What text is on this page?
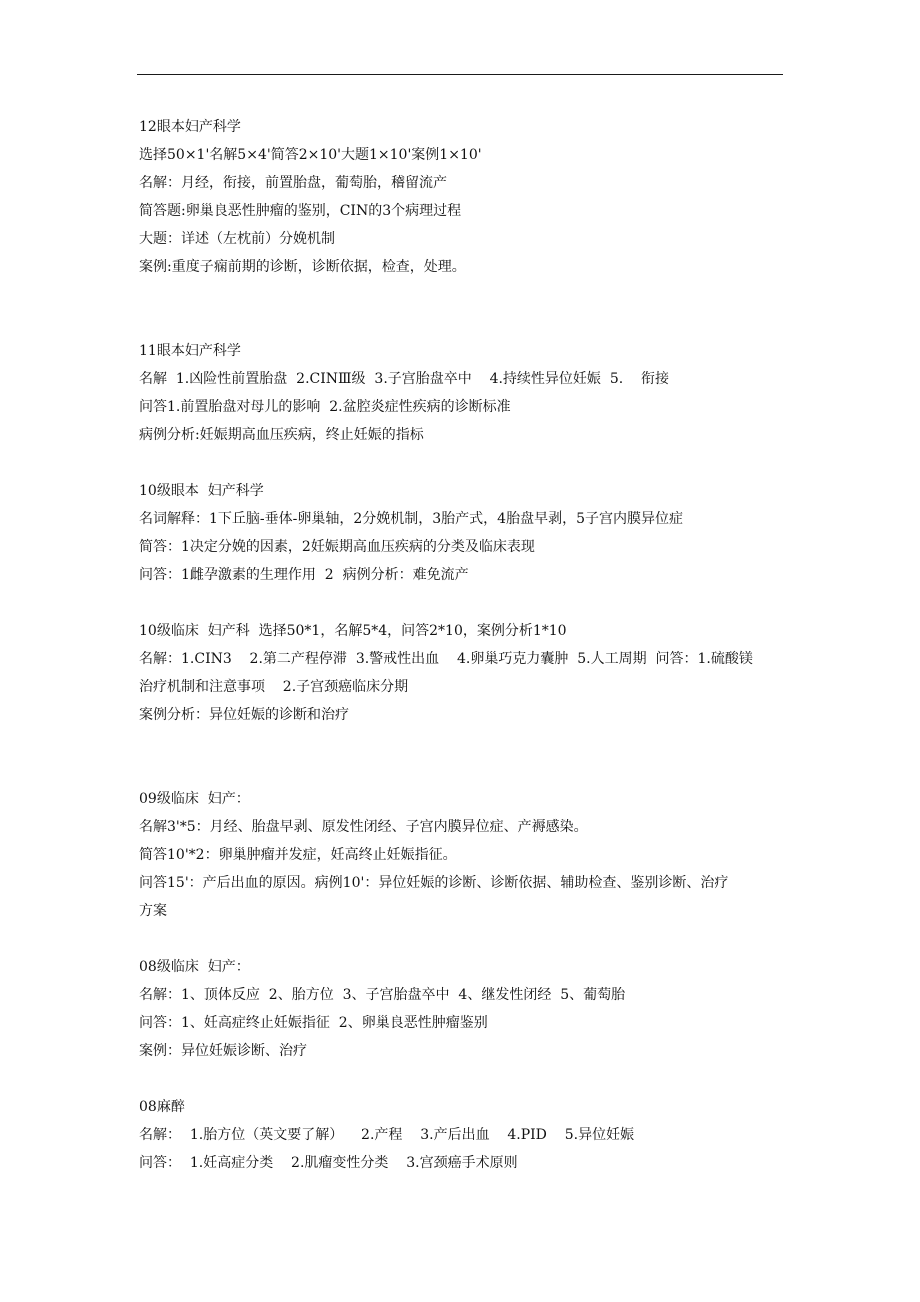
12眼本妇产科学
选择50×1'名解5×4'简答2×10'大题1×10'案例1×10'
名解：月经，衔接，前置胎盘，葡萄胎，稽留流产
简答题:卵巢良恶性肿瘤的鉴别，CIN的3个病理过程
大题：详述（左枕前）分娩机制
案例:重度子痫前期的诊断，诊断依据，检查，处理。
11眼本妇产科学
名解  1.凶险性前置胎盘  2.CINⅢ级  3.子宫胎盘卒中    4.持续性异位妊娠  5.    衔接
问答1.前置胎盘对母儿的影响  2.盆腔炎症性疾病的诊断标准
病例分析:妊娠期高血压疾病，终止妊娠的指标
10级眼本  妇产科学
名词解释：1下丘脑-垂体-卵巢轴，2分娩机制，3胎产式，4胎盘早剥，5子宫内膜异位症
简答：1决定分娩的因素，2妊娠期高血压疾病的分类及临床表现
问答：1雌孕激素的生理作用  2  病例分析：难免流产
10级临床  妇产科  选择50*1，名解5*4，问答2*10，案例分析1*10
名解：1.CIN3    2.第二产程停滞  3.警戒性出血    4.卵巢巧克力囊肿  5.人工周期  问答：1.硫酸镁
治疗机制和注意事项    2.子宫颈癌临床分期
案例分析：异位妊娠的诊断和治疗
09级临床  妇产：
名解3'*5：月经、胎盘早剥、原发性闭经、子宫内膜异位症、产褥感染。
简答10'*2：卵巢肿瘤并发症，妊高终止妊娠指征。
问答15'：产后出血的原因。病例10'：异位妊娠的诊断、诊断依据、辅助检查、鉴别诊断、治疗
方案
08级临床  妇产：
名解：1、顶体反应  2、胎方位  3、子宫胎盘卒中  4、继发性闭经  5、葡萄胎
问答：1、妊高症终止妊娠指征  2、卵巢良恶性肿瘤鉴别
案例：异位妊娠诊断、治疗
08麻醉
名解：  1.胎方位（英文要了解）    2.产程    3.产后出血    4.PID    5.异位妊娠
问答：  1.妊高症分类    2.肌瘤变性分类    3.宫颈癌手术原则
